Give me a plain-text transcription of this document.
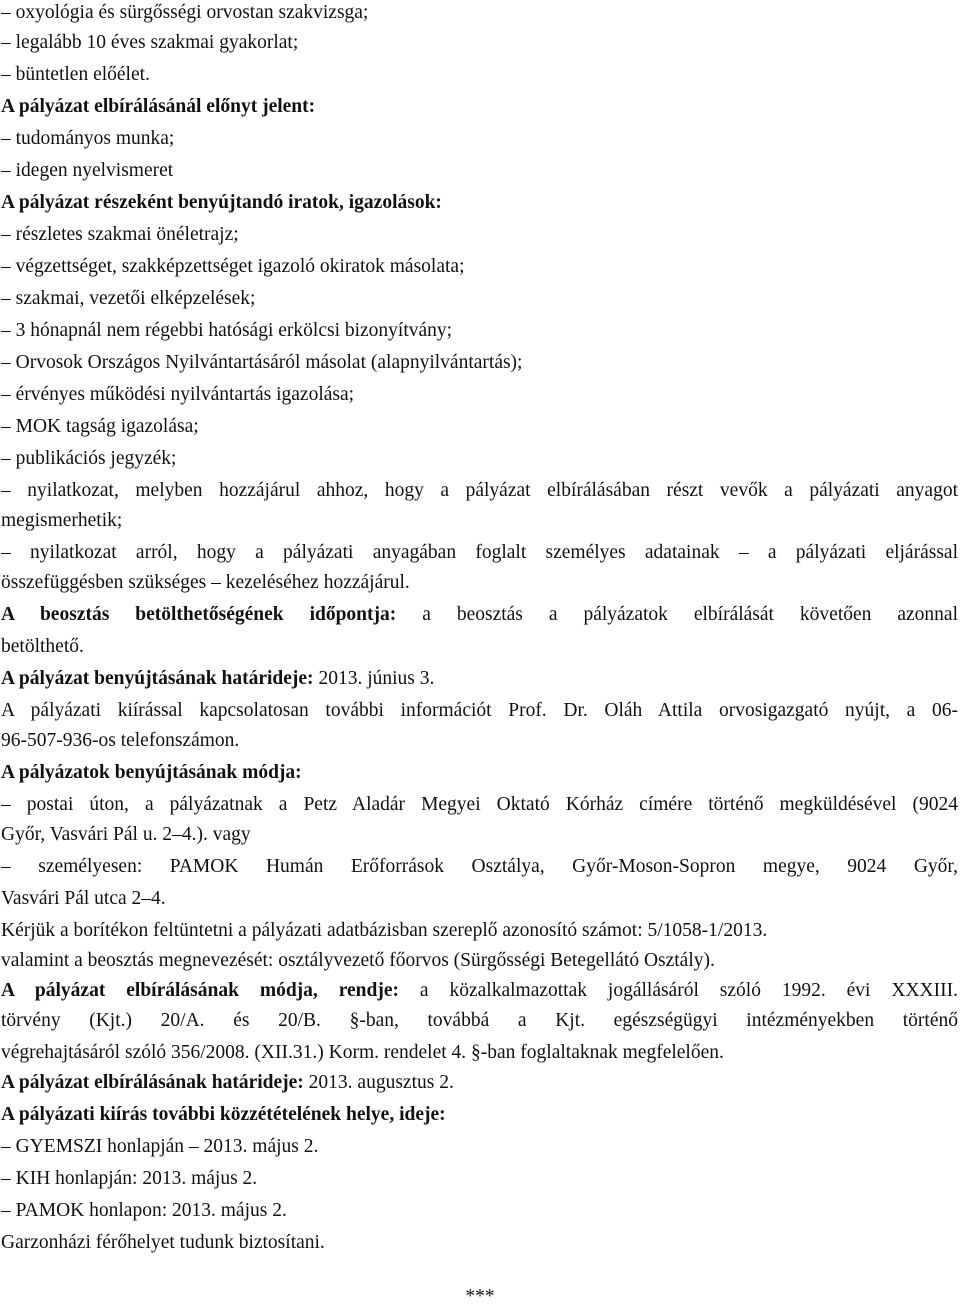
– oxyológia és sürgősségi orvostan szakvizsga;
– legalább 10 éves szakmai gyakorlat;
– büntetlen előélet.
A pályázat elbírálásánál előnyt jelent:
– tudományos munka;
– idegen nyelvismeret
A pályázat részeként benyújtandó iratok, igazolások:
– részletes szakmai önéletrajz;
– végzettséget, szakképzettséget igazoló okiratok másolata;
– szakmai, vezetői elképzelések;
– 3 hónapnál nem régebbi hatósági erkölcsi bizonyítvány;
– Orvosok Országos Nyilvántartásáról másolat (alapnyilvántartás);
– érvényes működési nyilvántartás igazolása;
– MOK tagság igazolása;
– publikációs jegyzék;
– nyilatkozat, melyben hozzájárul ahhoz, hogy a pályázat elbírálásában részt vevők a pályázati anyagot
megismerhetik;
– nyilatkozat arról, hogy a pályázati anyagában foglalt személyes adatainak – a pályázati eljárással
összefüggésben szükséges – kezeléséhez hozzájárul.
A beosztás betölthetőségének időpontja: a beosztás a pályázatok elbírálását követően azonnal
betölthető.
A pályázat benyújtásának határideje: 2013. június 3.
A pályázati kiírással kapcsolatosan további információt Prof. Dr. Oláh Attila orvosigazgató nyújt, a 06-
96-507-936-os telefonszámon.
A pályázatok benyújtásának módja:
– postai úton, a pályázatnak a Petz Aladár Megyei Oktató Kórház címére történő megküldésével (9024
Győr, Vasvári Pál u. 2–4.). vagy
– személyesen: PAMOK Humán Erőforrások Osztálya, Győr-Moson-Sopron megye, 9024 Győr,
Vasvári Pál utca 2–4.
Kérjük a borítékon feltüntetni a pályázati adatbázisban szereplő azonosító számot: 5/1058-1/2013.
valamint a beosztás megnevezését: osztályvezető főorvos (Sürgősségi Betegellátó Osztály).
A pályázat elbírálásának módja, rendje: a közalkalmazottak jogállásáról szóló 1992. évi XXXIII.
törvény (Kjt.) 20/A. és 20/B. §-ban, továbbá a Kjt. egészségügyi intézményekben történő
végrehajtásáról szóló 356/2008. (XII.31.) Korm. rendelet 4. §-ban foglaltaknak megfelelően.
A pályázat elbírálásának határideje: 2013. augusztus 2.
A pályázati kiírás további közzétételének helye, ideje:
– GYEMSZI honlapján – 2013. május 2.
– KIH honlapján: 2013. május 2.
– PAMOK honlapon: 2013. május 2.
Garzonházi férőhelyet tudunk biztosítani.
***
